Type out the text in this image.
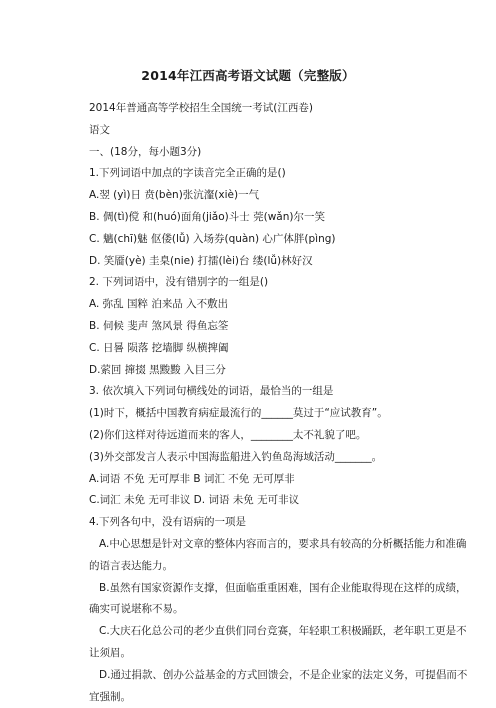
2014年江西高考语文试题（完整版）
2014年普通高等学校招生全国统一考试(江西卷)
语文
一、(18分，每小题3分)
1.下列词语中加点的字读音完全正确的是()
A.翌 (yì)日 贲(bèn)张沆瀣(xiè)一气
B. 倜(tì)傥 和(huó)面角(jiǎo)斗士 莞(wǎn)尔一笑
C. 魑(chī)魅 伛偻(lǚ) 入场券(quàn) 心广体胖(pìng)
D. 笑靥(yè) 圭臬(nie) 打擂(lèi)台 缕(lǚ)林好汉
2. 下列词语中，没有错别字的一组是()
A. 弥乱 国粹 泊来品 入不敷出
B. 伺候 斐声 煞风景 得鱼忘筌
C. 日晷 陨落 挖墙脚 纵横捭阖
D.萦回 撺掇 黑黢黢 入目三分
3. 依次填入下列词句横线处的词语，最恰当的一组是
(1)时下，概括中国教育病症最流行的______莫过于“应试教育”。
(2)你们这样对待远道而来的客人，________太不礼貌了吧。
(3)外交部发言人表示中国海监船进入钓鱼岛海域活动_______。
A.词语 不免 无可厚非 B 词汇 不免 无可厚非
C.词汇 未免 无可非议 D. 词语 未免 无可非议
4.下列各句中，没有语病的一项是
A.中心思想是针对文章的整体内容而言的，要求具有较高的分析概括能力和准确的语言表达能力。
B.虽然有国家资源作支撑，但面临重重困难，国有企业能取得现在这样的成绩，确实可说堪称不易。
C.大庆石化总公司的老少直供们同台竞赛，年轻职工积极踊跃，老年职工更是不让须眉。
D.通过捐款、创办公益基金的方式回馈会，不是企业家的法定义务，可提倡而不宜强制。
